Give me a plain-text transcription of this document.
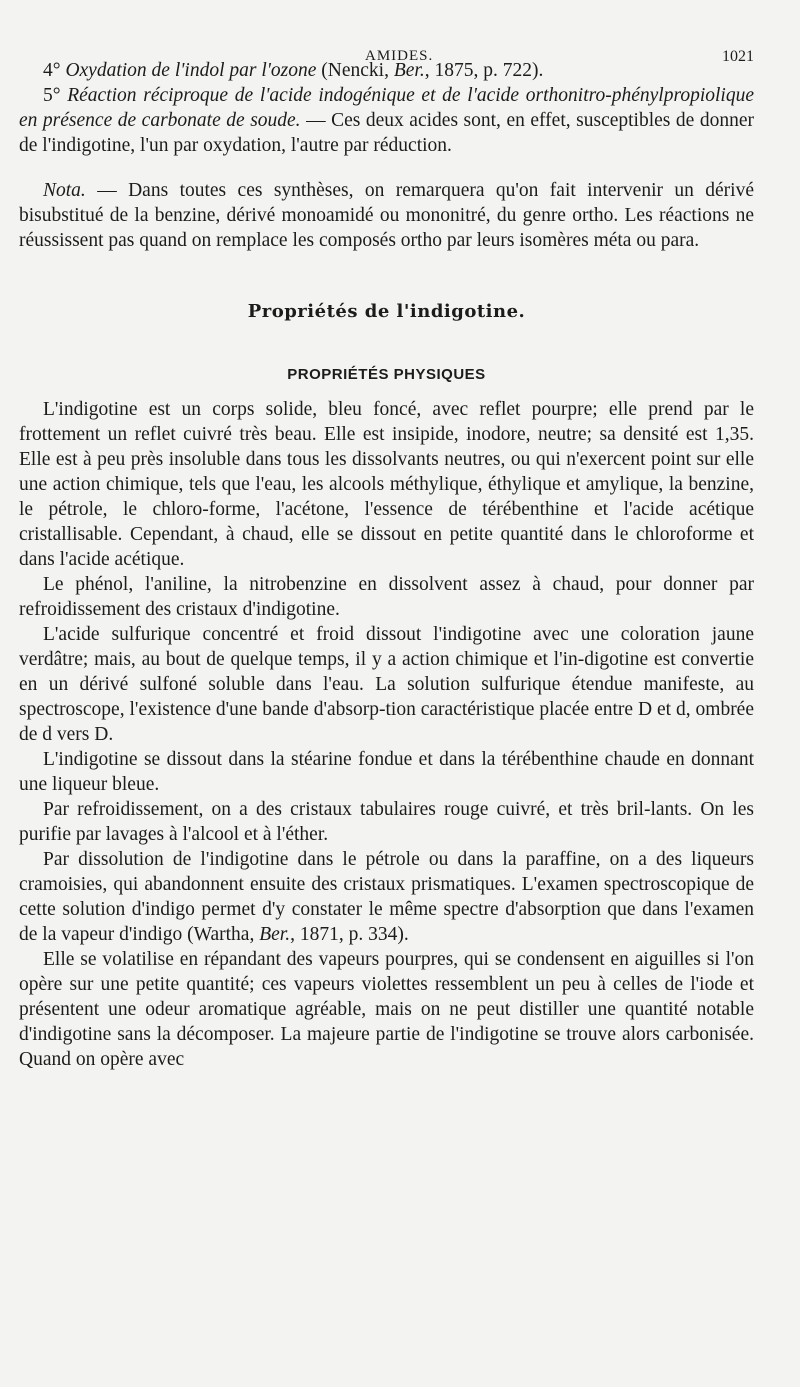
AMIDES.	1021

4° Oxydation de l'indol par l'ozone (Nencki, Ber., 1875, p. 722).

5° Réaction réciproque de l'acide indogénique et de l'acide orthonitro-phénylpropiolique en présence de carbonate de soude. — Ces deux acides sont, en effet, susceptibles de donner de l'indigotine, l'un par oxydation, l'autre par réduction.

Nota. — Dans toutes ces synthèses, on remarquera qu'on fait intervenir un dérivé bisubstitué de la benzine, dérivé monoamidé ou mononitré, du genre ortho. Les réactions ne réussissent pas quand on remplace les composés ortho par leurs isomères méta ou para.

Propriétés de l'indigotine.
PROPRIÉTÉS PHYSIQUES

L'indigotine est un corps solide, bleu foncé, avec reflet pourpre; elle prend par le frottement un reflet cuivré très beau. Elle est insipide, inodore, neutre; sa densité est 1,35. Elle est à peu près insoluble dans tous les dissolvants neutres, ou qui n'exercent point sur elle une action chimique, tels que l'eau, les alcools méthylique, éthylique et amylique, la benzine, le pétrole, le chloro-forme, l'acétone, l'essence de térébenthine et l'acide acétique cristallisable. Cependant, à chaud, elle se dissout en petite quantité dans le chloroforme et dans l'acide acétique.

Le phénol, l'aniline, la nitrobenzine en dissolvent assez à chaud, pour donner par refroidissement des cristaux d'indigotine.

L'acide sulfurique concentré et froid dissout l'indigotine avec une coloration jaune verdâtre; mais, au bout de quelque temps, il y a action chimique et l'in-digotine est convertie en un dérivé sulfoné soluble dans l'eau. La solution sulfurique étendue manifeste, au spectroscope, l'existence d'une bande d'absorp-tion caractéristique placée entre D et d, ombrée de d vers D.

L'indigotine se dissout dans la stéarine fondue et dans la térébenthine chaude en donnant une liqueur bleue.

Par refroidissement, on a des cristaux tabulaires rouge cuivré, et très bril-lants. On les purifie par lavages à l'alcool et à l'éther.

Par dissolution de l'indigotine dans le pétrole ou dans la paraffine, on a des liqueurs cramoisies, qui abandonnent ensuite des cristaux prismatiques. L'examen spectroscopique de cette solution d'indigo permet d'y constater le même spectre d'absorption que dans l'examen de la vapeur d'indigo (Wartha, Ber., 1871, p. 334).

Elle se volatilise en répandant des vapeurs pourpres, qui se condensent en aiguilles si l'on opère sur une petite quantité; ces vapeurs violettes ressemblent un peu à celles de l'iode et présentent une odeur aromatique agréable, mais on ne peut distiller une quantité notable d'indigotine sans la décomposer. La majeure partie de l'indigotine se trouve alors carbonisée. Quand on opère avec
